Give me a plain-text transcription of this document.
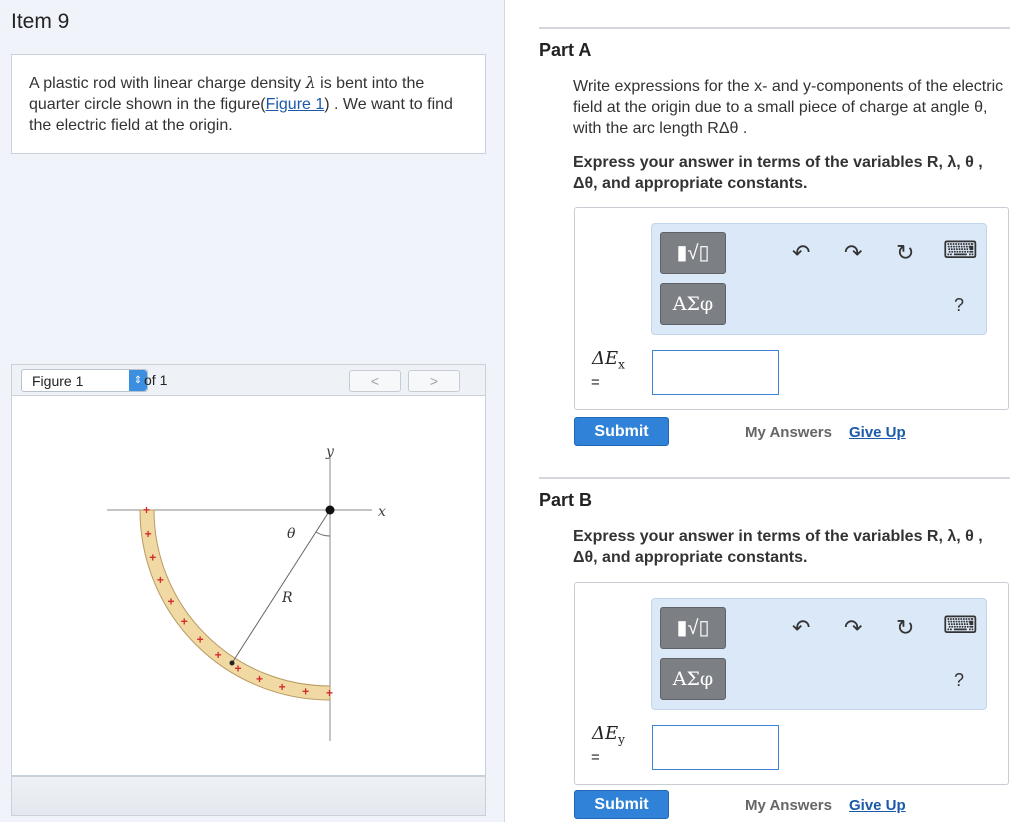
Item 9
A plastic rod with linear charge density λ is bent into the quarter circle shown in the figure(Figure 1) . We want to find the electric field at the origin.
Figure 1	⇕ of 1	<	>
y
x
+
+
+
+
+
+
+
+
+
+
+ + +
θ
R
Part A
Write expressions for the x- and y-components of the electric field at the origin due to a small piece of charge at angle θ, with the arc length RΔθ .
Express your answer in terms of the variables R, λ, θ , Δθ, and appropriate constants.
▮√▯
ΑΣφ
↶ ↷ ↻ ⌨
?
$\Delta E_x$
=
Submit	My Answers Give Up
Part B
Express your answer in terms of the variables R, λ, θ , Δθ, and appropriate constants.
▮√▯
ΑΣφ
↶ ↷ ↻ ⌨
?
$\Delta E_y$
=
Submit	My Answers Give Up
